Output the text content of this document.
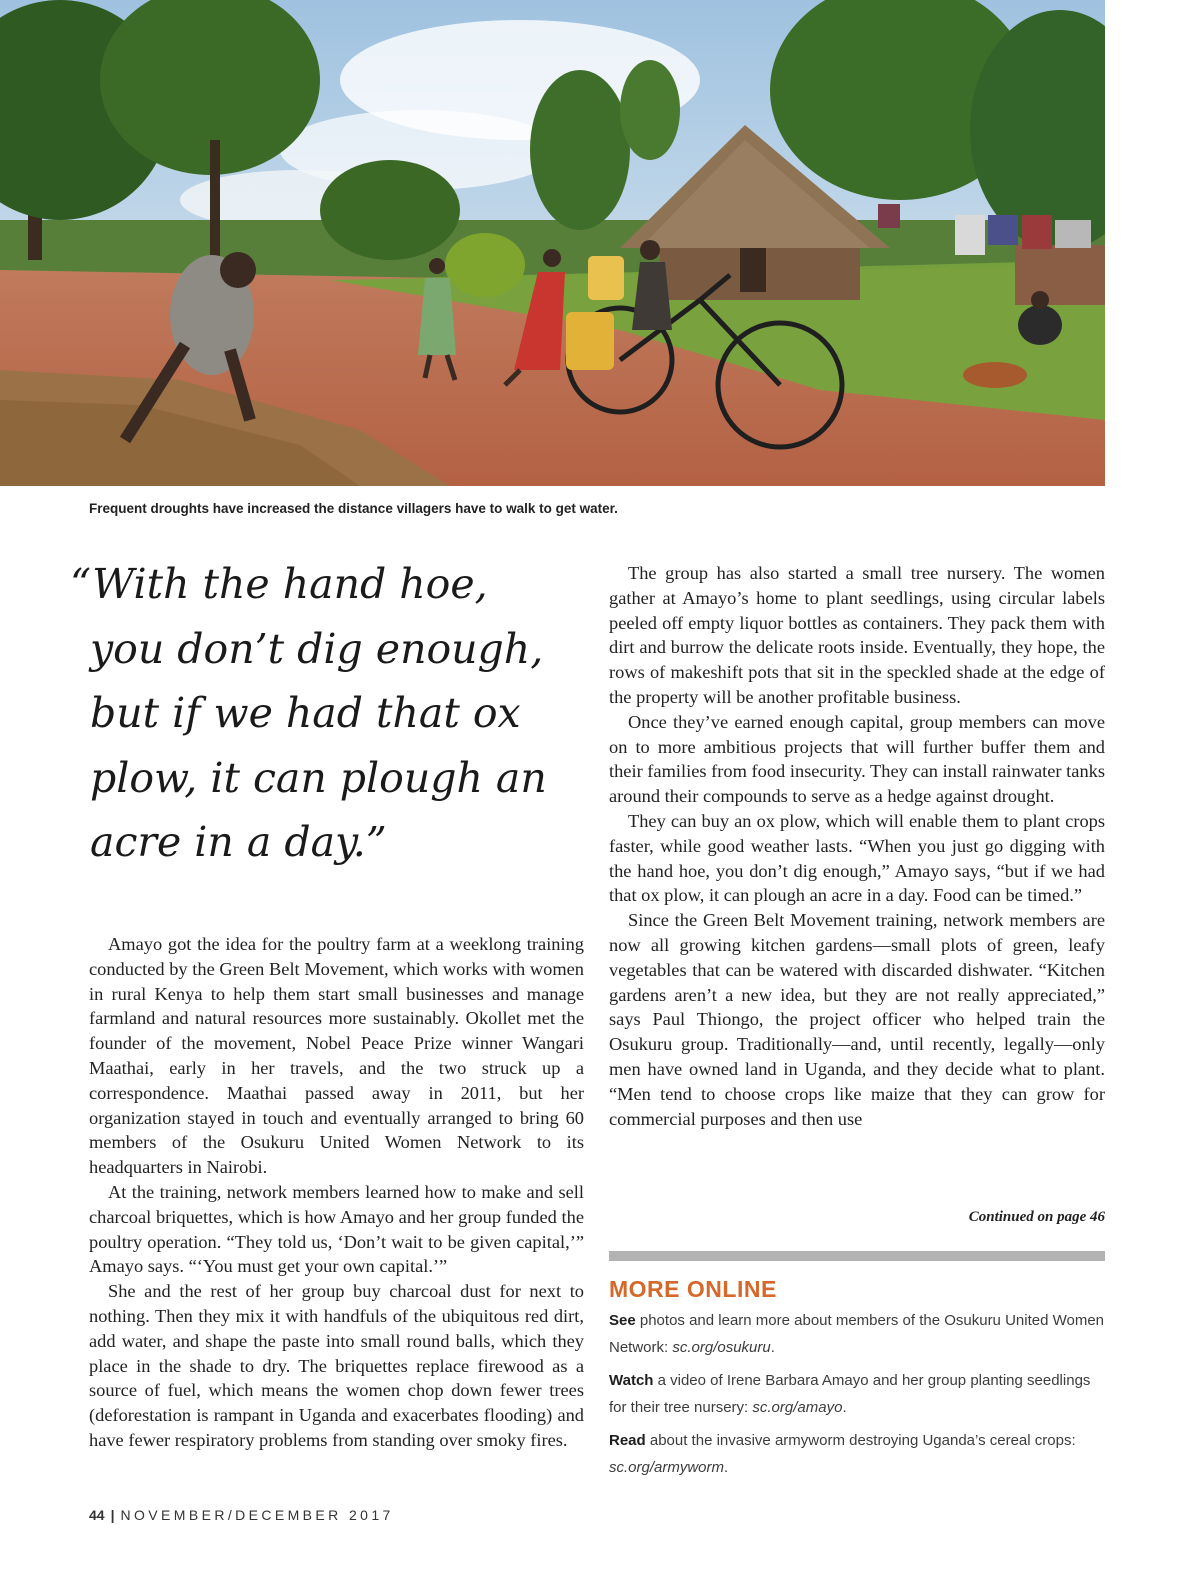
Frequent droughts have increased the distance villagers have to walk to get water.
“With the hand hoe,
you don’t dig enough,
but if we had that ox
plow, it can plough an
acre in a day.”

Amayo got the idea for the poultry farm at a weeklong training conducted by the Green Belt Movement, which works with women in rural Kenya to help them start small businesses and manage farmland and natural resources more sustainably. Okollet met the founder of the movement, Nobel Peace Prize winner Wangari Maathai, early in her travels, and the two struck up a correspondence. Maathai passed away in 2011, but her organization stayed in touch and eventually arranged to bring 60 members of the Osukuru United Women Network to its headquarters in Nairobi.

At the training, network members learned how to make and sell charcoal briquettes, which is how Amayo and her group funded the poultry operation. “They told us, ‘Don’t wait to be given capital,’” Amayo says. “‘You must get your own capital.’”

She and the rest of her group buy charcoal dust for next to nothing. Then they mix it with handfuls of the ubiquitous red dirt, add water, and shape the paste into small round balls, which they place in the shade to dry. The briquettes replace firewood as a source of fuel, which means the women chop down fewer trees (deforestation is rampant in Uganda and exacerbates flooding) and have fewer respiratory problems from standing over smoky fires.

The group has also started a small tree nursery. The women gather at Amayo’s home to plant seedlings, using circular labels peeled off empty liquor bottles as containers. They pack them with dirt and burrow the delicate roots inside. Eventually, they hope, the rows of makeshift pots that sit in the speckled shade at the edge of the property will be another profitable business.

Once they’ve earned enough capital, group members can move on to more ambitious projects that will further buffer them and their families from food insecurity. They can install rainwater tanks around their compounds to serve as a hedge against drought.

They can buy an ox plow, which will enable them to plant crops faster, while good weather lasts. “When you just go digging with the hand hoe, you don’t dig enough,” Amayo says, “but if we had that ox plow, it can plough an acre in a day. Food can be timed.”

Since the Green Belt Movement training, network members are now all growing kitchen gardens—small plots of green, leafy vegetables that can be watered with discarded dishwater. “Kitchen gardens aren’t a new idea, but they are not really appreciated,” says Paul Thiongo, the project officer who helped train the Osukuru group. Traditionally—and, until recently, legally—only men have owned land in Uganda, and they decide what to plant. “Men tend to choose crops like maize that they can grow for commercial purposes and then use

Continued on page 46
MORE ONLINE
See photos and learn more about members of the Osukuru United Women Network: sc.org/osukuru.
Watch a video of Irene Barbara Amayo and her group planting seedlings for their tree nursery: sc.org/amayo.
Read about the invasive armyworm destroying Uganda’s cereal crops: sc.org/armyworm.
44 | NOVEMBER/DECEMBER 2017
